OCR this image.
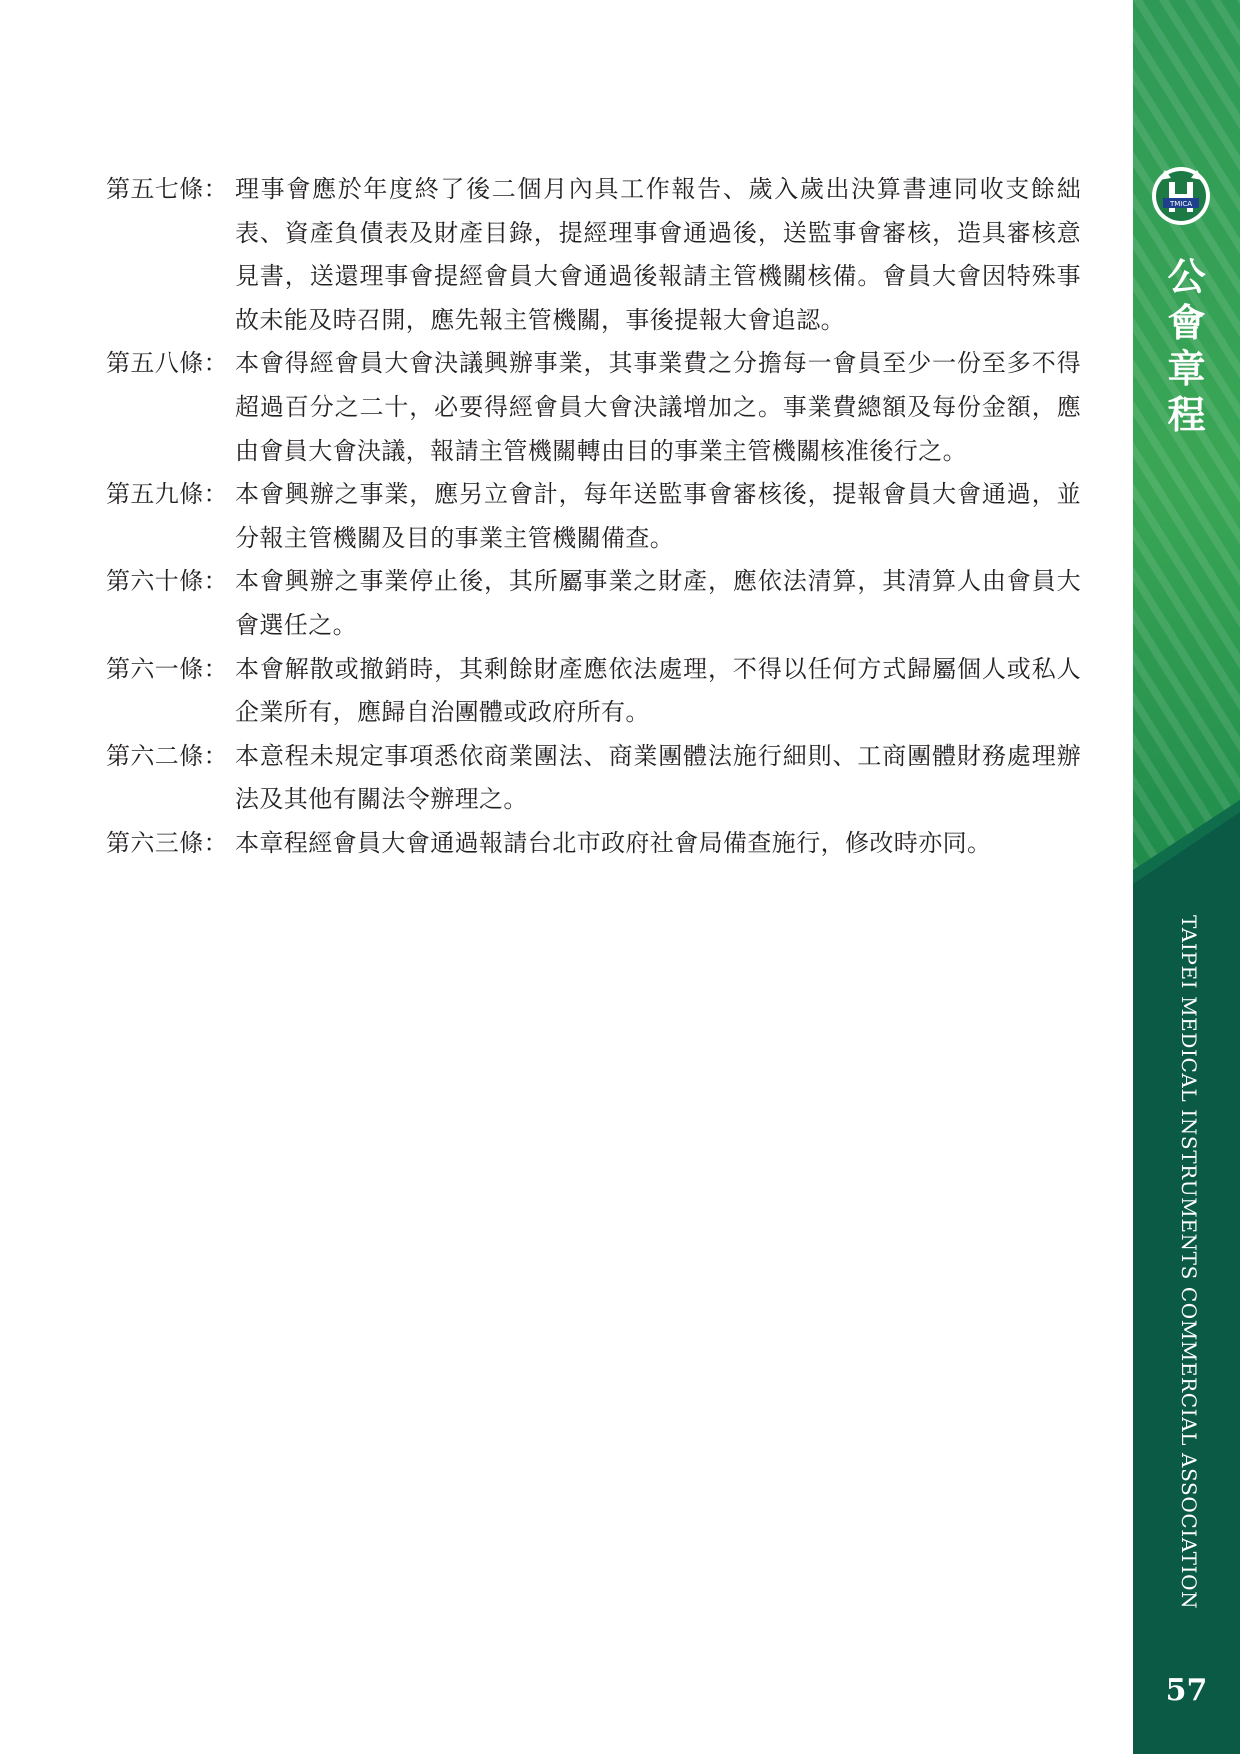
第五七條： 理事會應於年度終了後二個月內具工作報告、歲入歲出決算書連同收支餘絀表、資產負債表及財產目錄，提經理事會通過後，送監事會審核，造具審核意見書，送還理事會提經會員大會通過後報請主管機關核備。會員大會因特殊事故未能及時召開，應先報主管機關，事後提報大會追認。
第五八條： 本會得經會員大會決議興辦事業，其事業費之分擔每一會員至少一份至多不得超過百分之二十，必要得經會員大會決議增加之。事業費總額及每份金額，應由會員大會決議，報請主管機關轉由目的事業主管機關核准後行之。
第五九條： 本會興辦之事業，應另立會計，每年送監事會審核後，提報會員大會通過，並分報主管機關及目的事業主管機關備查。
第六十條： 本會興辦之事業停止後，其所屬事業之財產，應依法清算，其清算人由會員大會選任之。
第六一條： 本會解散或撤銷時，其剩餘財產應依法處理，不得以任何方式歸屬個人或私人企業所有，應歸自治團體或政府所有。
第六二條： 本意程未規定事項悉依商業團法、商業團體法施行細則、工商團體財務處理辦法及其他有關法令辦理之。
第六三條： 本章程經會員大會通過報請台北市政府社會局備查施行，修改時亦同。
TMICA
公
會
章
程
TAIPEI MEDICAL INSTRUMENTS COMMERCIAL ASSOCIATION
57
